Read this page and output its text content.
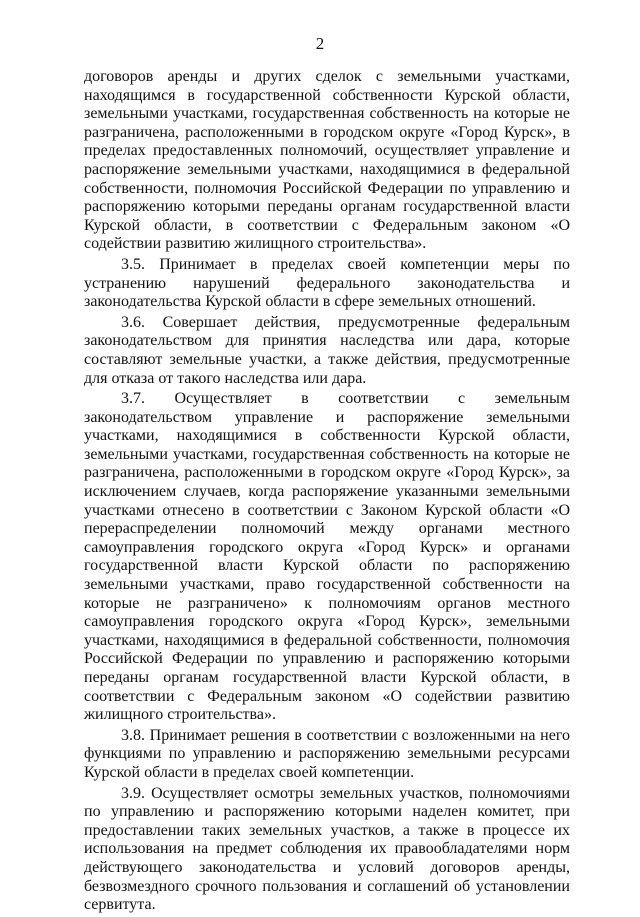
2

договоров аренды и других сделок с земельными участками, находящимся в государственной собственности Курской области, земельными участками, государственная собственность на которые не разграничена, расположенными в городском округе «Город Курск», в пределах предоставленных полномочий, осуществляет управление и распоряжение земельными участками, находящимися в федеральной собственности, полномочия Российской Федерации по управлению и распоряжению которыми переданы органам государственной власти Курской области, в соответствии с Федеральным законом «О содействии развитию жилищного строительства».

3.5. Принимает в пределах своей компетенции меры по устранению нарушений федерального законодательства и законодательства Курской области в сфере земельных отношений.

3.6. Совершает действия, предусмотренные федеральным законодательством для принятия наследства или дара, которые составляют земельные участки, а также действия, предусмотренные для отказа от такого наследства или дара.

3.7. Осуществляет в соответствии с земельным законодательством управление и распоряжение земельными участками, находящимися в собственности Курской области, земельными участками, государственная собственность на которые не разграничена, расположенными в городском округе «Город Курск», за исключением случаев, когда распоряжение указанными земельными участками отнесено в соответствии с Законом Курской области «О перераспределении полномочий между органами местного самоуправления городского округа «Город Курск» и органами государственной власти Курской области по распоряжению земельными участками, право государственной собственности на которые не разграничено» к полномочиям органов местного самоуправления городского округа «Город Курск», земельными участками, находящимися в федеральной собственности, полномочия Российской Федерации по управлению и распоряжению которыми переданы органам государственной власти Курской области, в соответствии с Федеральным законом «О содействии развитию жилищного строительства».

3.8. Принимает решения в соответствии с возложенными на него функциями по управлению и распоряжению земельными ресурсами Курской области в пределах своей компетенции.

3.9. Осуществляет осмотры земельных участков, полномочиями по управлению и распоряжению которыми наделен комитет, при предоставлении таких земельных участков, а также в процессе их использования на предмет соблюдения их правообладателями норм действующего законодательства и условий договоров аренды, безвозмездного срочного пользования и соглашений об установлении сервитута.
